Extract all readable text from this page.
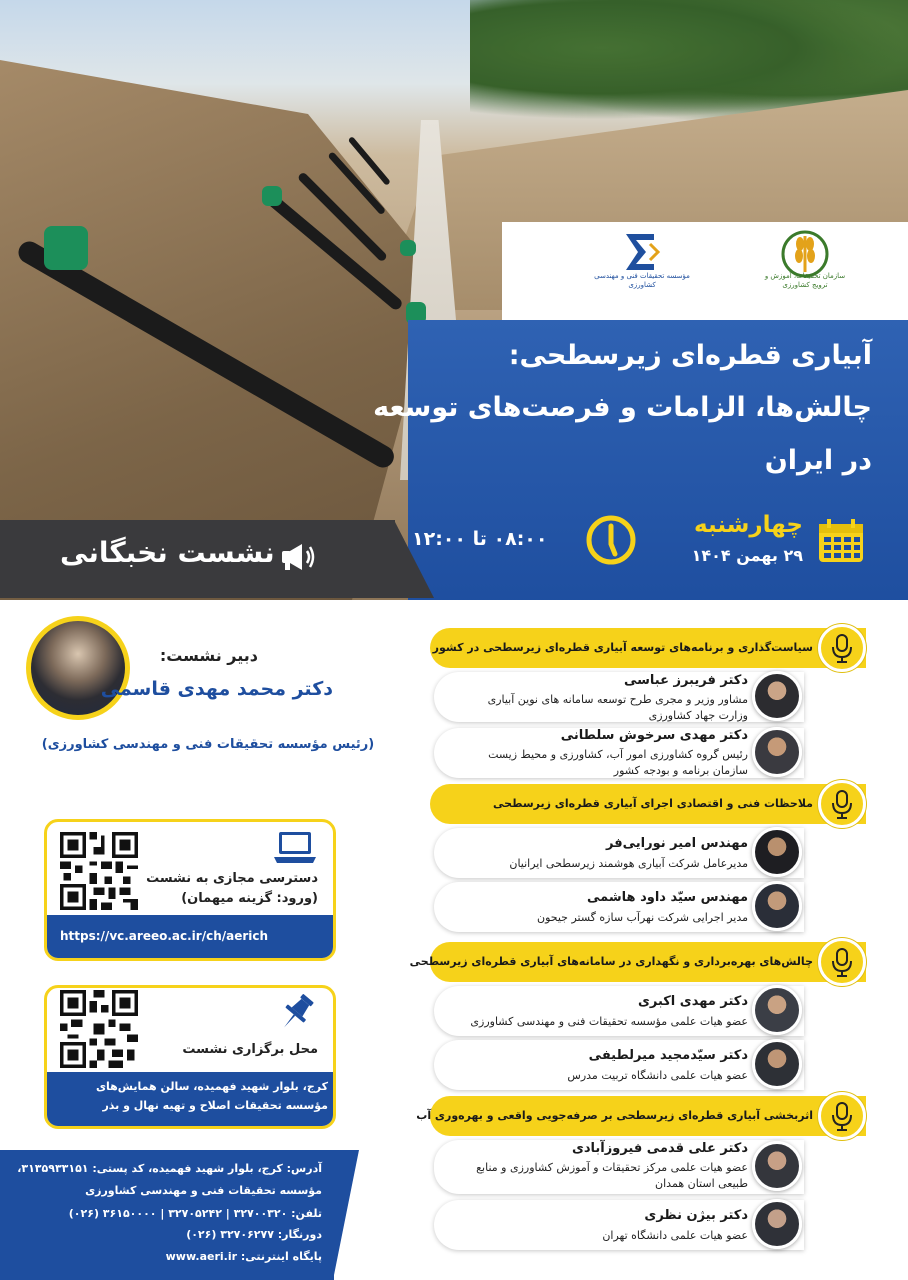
سازمان تحقیقات، آموزش و ترویج کشاورزی
مؤسسه تحقیقات فنی و مهندسی کشاورزی
آبیاری قطره‌ای زیرسطحی:
چالش‌ها، الزامات و فرصت‌های توسعه
در ایران
چهارشنبه
۲۹ بهمن ۱۴۰۴
۰۸:۰۰ تا ۱۲:۰۰
نشست نخبگانی
دبیر نشست:
دکتر محمد مهدی قاسمی
(رئیس مؤسسه تحقیقات فنی و مهندسی کشاورزی)
دسترسی مجازی به نشست
(ورود: گزینه میهمان)
https://vc.areeo.ac.ir/ch/aerich
محل برگزاری نشست
کرج، بلوار شهید فهمیده، سالن همایش‌های مؤسسه تحقیقات اصلاح و تهیه نهال و بذر
آدرس: کرج، بلوار شهید فهمیده، کد پستی: ۳۱۳۵۹۳۳۱۵۱،
مؤسسه تحقیقات فنی و مهندسی کشاورزی
تلفن: ۳۲۷۰۰۳۲۰ | ۳۲۷۰۵۲۴۲ | ۳۶۱۵۰۰۰۰ (۰۲۶)
دورنگار: ۳۲۷۰۶۲۷۷ (۰۲۶)
پایگاه اینترنتی: www.aeri.ir
سیاست‌گذاری و برنامه‌های توسعه آبیاری قطره‌ای زیرسطحی در کشور
دکتر فریبرز عباسی
مشاور وزیر و مجری طرح توسعه سامانه های نوین آبیاری
وزارت جهاد کشاورزی
دکتر مهدی سرخوش سلطانی
رئیس گروه کشاورزی امور آب، کشاورزی و محیط زیست
سازمان برنامه و بودجه کشور
ملاحظات فنی و اقتصادی اجرای آبیاری قطره‌ای زیرسطحی
مهندس امیر نورایی‌فر
مدیرعامل شرکت آبیاری هوشمند زیرسطحی ایرانیان
مهندس سیّد داود هاشمی
مدیر اجرایی شرکت نهرآب سازه گستر جیحون
چالش‌های بهره‌برداری و نگهداری در سامانه‌های آبیاری قطره‌ای زیرسطحی
دکتر مهدی اکبری
عضو هیات علمی مؤسسه تحقیقات فنی و مهندسی کشاورزی
دکتر سیّدمجید میرلطیفی
عضو هیات علمی دانشگاه تربیت مدرس
اثربخشی آبیاری قطره‌ای زیرسطحی بر صرفه‌جویی واقعی و بهره‌وری آب
دکتر علی قدمی فیروزآبادی
عضو هیات علمی مرکز تحقیقات و آموزش کشاورزی و منابع
طبیعی استان همدان
دکتر بیژن نظری
عضو هیات علمی دانشگاه تهران
